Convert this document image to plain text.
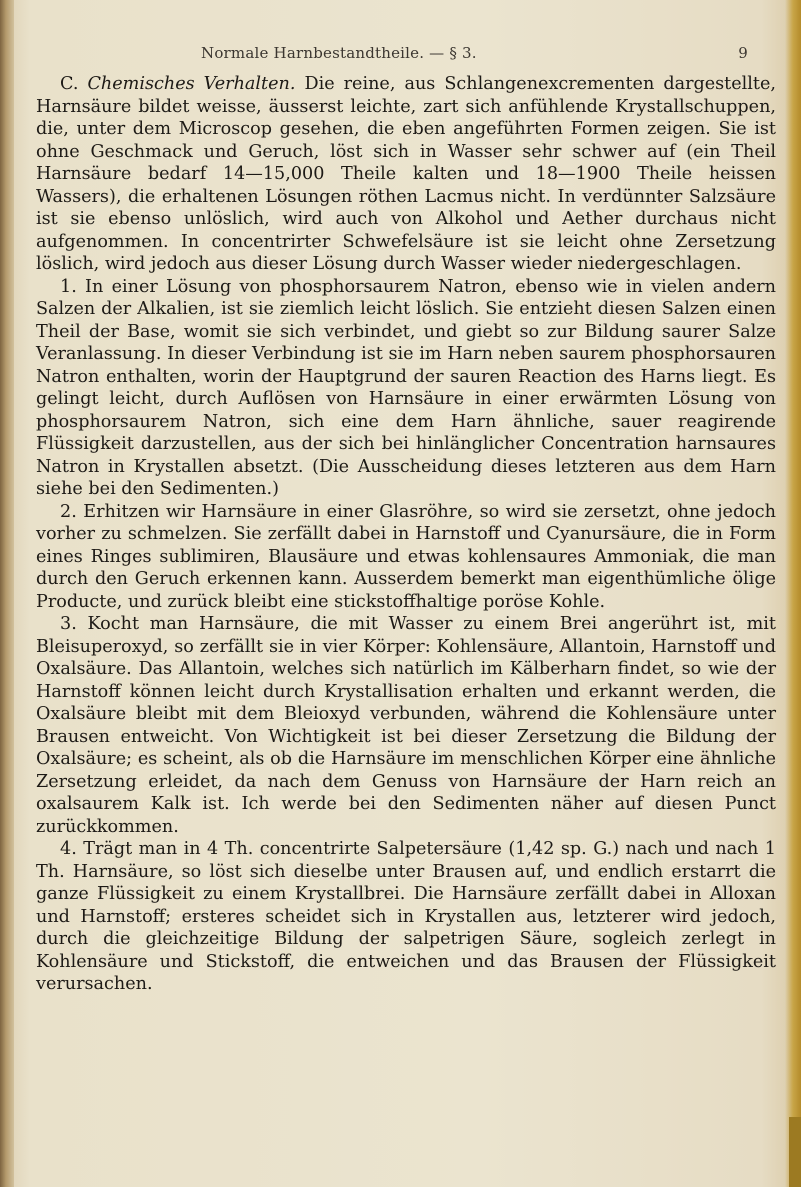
Normale Harnbestandtheile. — § 3.	9

C. Chemisches Verhalten. Die reine, aus Schlangenexcrementen dargestellte, Harnsäure bildet weisse, äusserst leichte, zart sich anfühlende Krystallschuppen, die, unter dem Microscop gesehen, die eben angeführten Formen zeigen. Sie ist ohne Geschmack und Geruch, löst sich in Wasser sehr schwer auf (ein Theil Harnsäure bedarf 14—15,000 Theile kalten und 18—1900 Theile heissen Wassers), die erhaltenen Lösungen röthen Lacmus nicht. In verdünnter Salzsäure ist sie ebenso unlöslich, wird auch von Alkohol und Aether durchaus nicht aufgenommen. In concentrirter Schwefelsäure ist sie leicht ohne Zersetzung löslich, wird jedoch aus dieser Lösung durch Wasser wieder niedergeschlagen.

1. In einer Lösung von phosphorsaurem Natron, ebenso wie in vielen andern Salzen der Alkalien, ist sie ziemlich leicht löslich. Sie entzieht diesen Salzen einen Theil der Base, womit sie sich verbindet, und giebt so zur Bildung saurer Salze Veranlassung. In dieser Verbindung ist sie im Harn neben saurem phosphorsauren Natron enthalten, worin der Hauptgrund der sauren Reaction des Harns liegt. Es gelingt leicht, durch Auflösen von Harnsäure in einer erwärmten Lösung von phosphorsaurem Natron, sich eine dem Harn ähnliche, sauer reagirende Flüssigkeit darzustellen, aus der sich bei hinlänglicher Concentration harnsaures Natron in Krystallen absetzt. (Die Ausscheidung dieses letzteren aus dem Harn siehe bei den Sedimenten.)

2. Erhitzen wir Harnsäure in einer Glasröhre, so wird sie zersetzt, ohne jedoch vorher zu schmelzen. Sie zerfällt dabei in Harnstoff und Cyanursäure, die in Form eines Ringes sublimiren, Blausäure und etwas kohlensaures Ammoniak, die man durch den Geruch erkennen kann. Ausserdem bemerkt man eigenthümliche ölige Producte, und zurück bleibt eine stickstoffhaltige poröse Kohle.

3. Kocht man Harnsäure, die mit Wasser zu einem Brei angerührt ist, mit Bleisuperoxyd, so zerfällt sie in vier Körper: Kohlensäure, Allantoin, Harnstoff und Oxalsäure. Das Allantoin, welches sich natürlich im Kälberharn findet, so wie der Harnstoff können leicht durch Krystallisation erhalten und erkannt werden, die Oxalsäure bleibt mit dem Bleioxyd verbunden, während die Kohlensäure unter Brausen entweicht. Von Wichtigkeit ist bei dieser Zersetzung die Bildung der Oxalsäure; es scheint, als ob die Harnsäure im menschlichen Körper eine ähnliche Zersetzung erleidet, da nach dem Genuss von Harnsäure der Harn reich an oxalsaurem Kalk ist. Ich werde bei den Sedimenten näher auf diesen Punct zurückkommen.

4. Trägt man in 4 Th. concentrirte Salpetersäure (1,42 sp. G.) nach und nach 1 Th. Harnsäure, so löst sich dieselbe unter Brausen auf, und endlich erstarrt die ganze Flüssigkeit zu einem Krystallbrei. Die Harnsäure zerfällt dabei in Alloxan und Harnstoff; ersteres scheidet sich in Krystallen aus, letzterer wird jedoch, durch die gleichzeitige Bildung der salpetrigen Säure, sogleich zerlegt in Kohlensäure und Stickstoff, die entweichen und das Brausen der Flüssigkeit verursachen.
